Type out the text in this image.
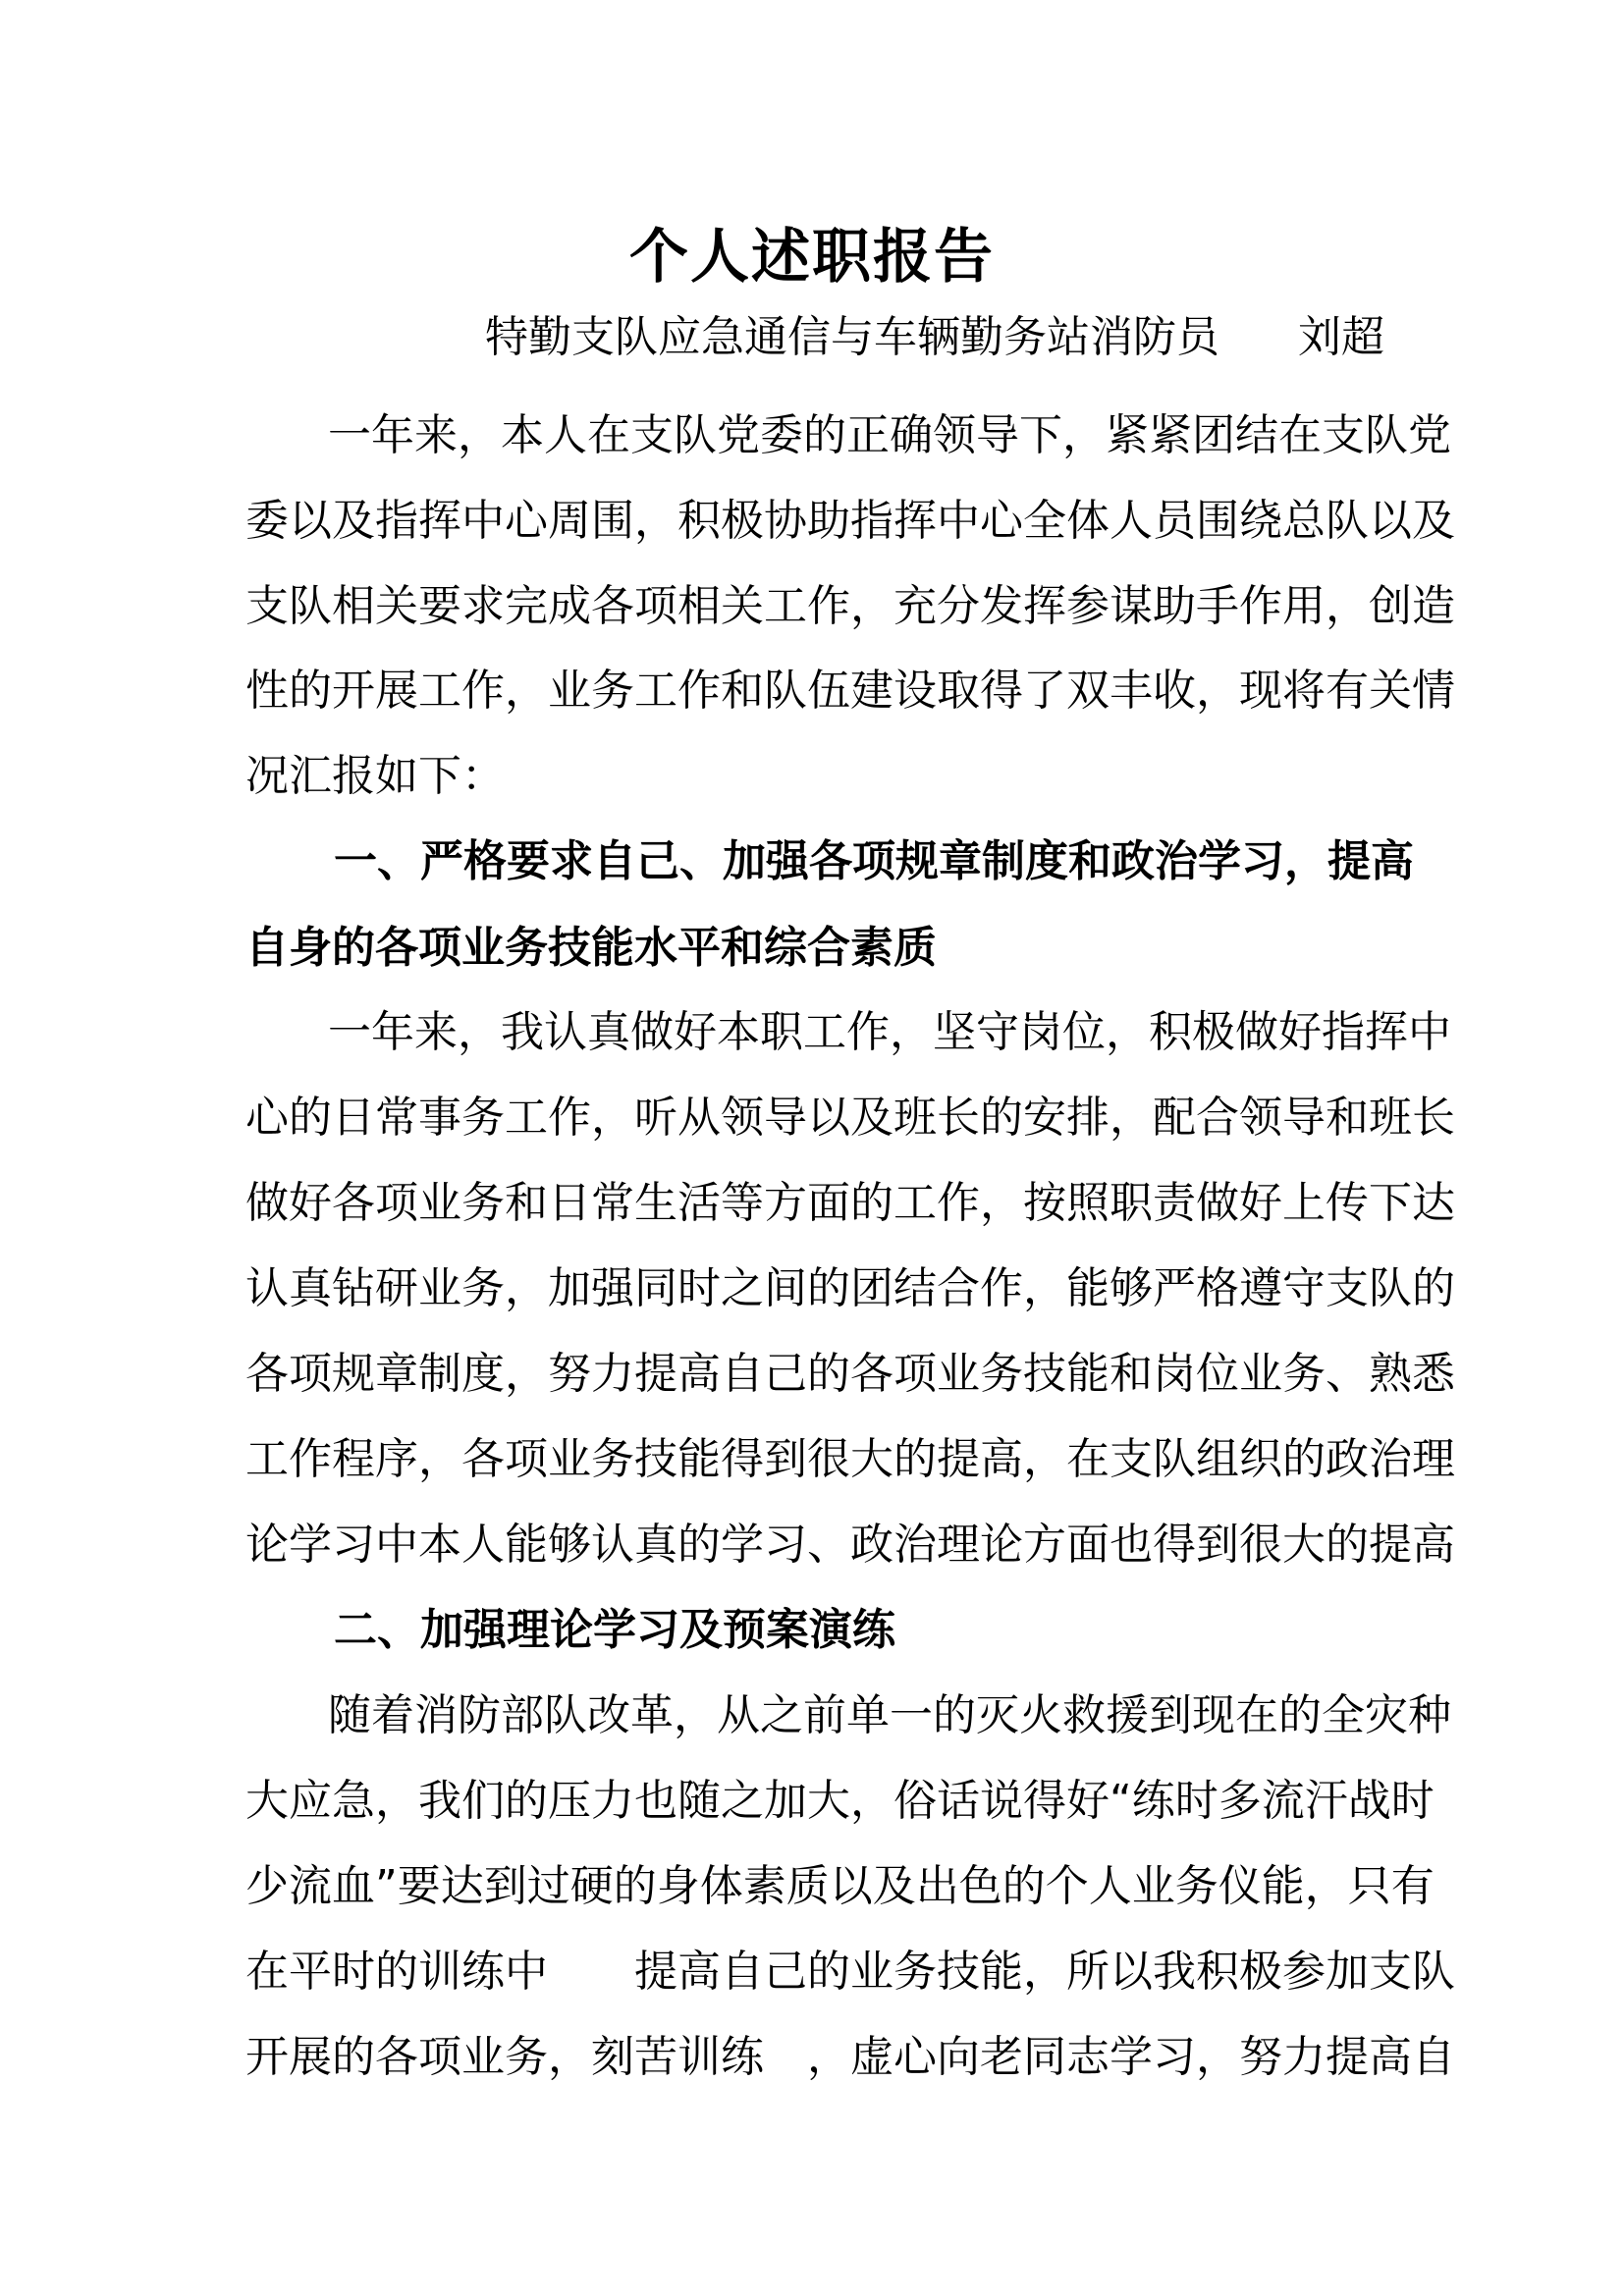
个人述职报告
特勤支队应急通信与车辆勤务站消防员 刘超
一年来，本人在支队党委的正确领导下，紧紧团结在支队党
委以及指挥中心周围，积极协助指挥中心全体人员围绕总队以及
支队相关要求完成各项相关工作，充分发挥参谋助手作用，创造
性的开展工作，业务工作和队伍建设取得了双丰收，现将有关情
况汇报如下：
一、严格要求自己、加强各项规章制度和政治学习，提高
自身的各项业务技能水平和综合素质
一年来，我认真做好本职工作，坚守岗位，积极做好指挥中
心的日常事务工作，听从领导以及班长的安排，配合领导和班长
做好各项业务和日常生活等方面的工作，按照职责做好上传下达
认真钻研业务，加强同时之间的团结合作，能够严格遵守支队的
各项规章制度，努力提高自己的各项业务技能和岗位业务、熟悉
工作程序，各项业务技能得到很大的提高，在支队组织的政治理
论学习中本人能够认真的学习、政治理论方面也得到很大的提高
二、加强理论学习及预案演练
随着消防部队改革，从之前单一的灭火救援到现在的全灾种
大应急，我们的压力也随之加大，俗话说得好“练时多流汗战时
少流血”要达到过硬的身体素质以及出色的个人业务仪能，只有
在平时的训练中　　提高自己的业务技能，所以我积极参加支队
开展的各项业务，刻苦训练　，虚心向老同志学习，努力提高自
